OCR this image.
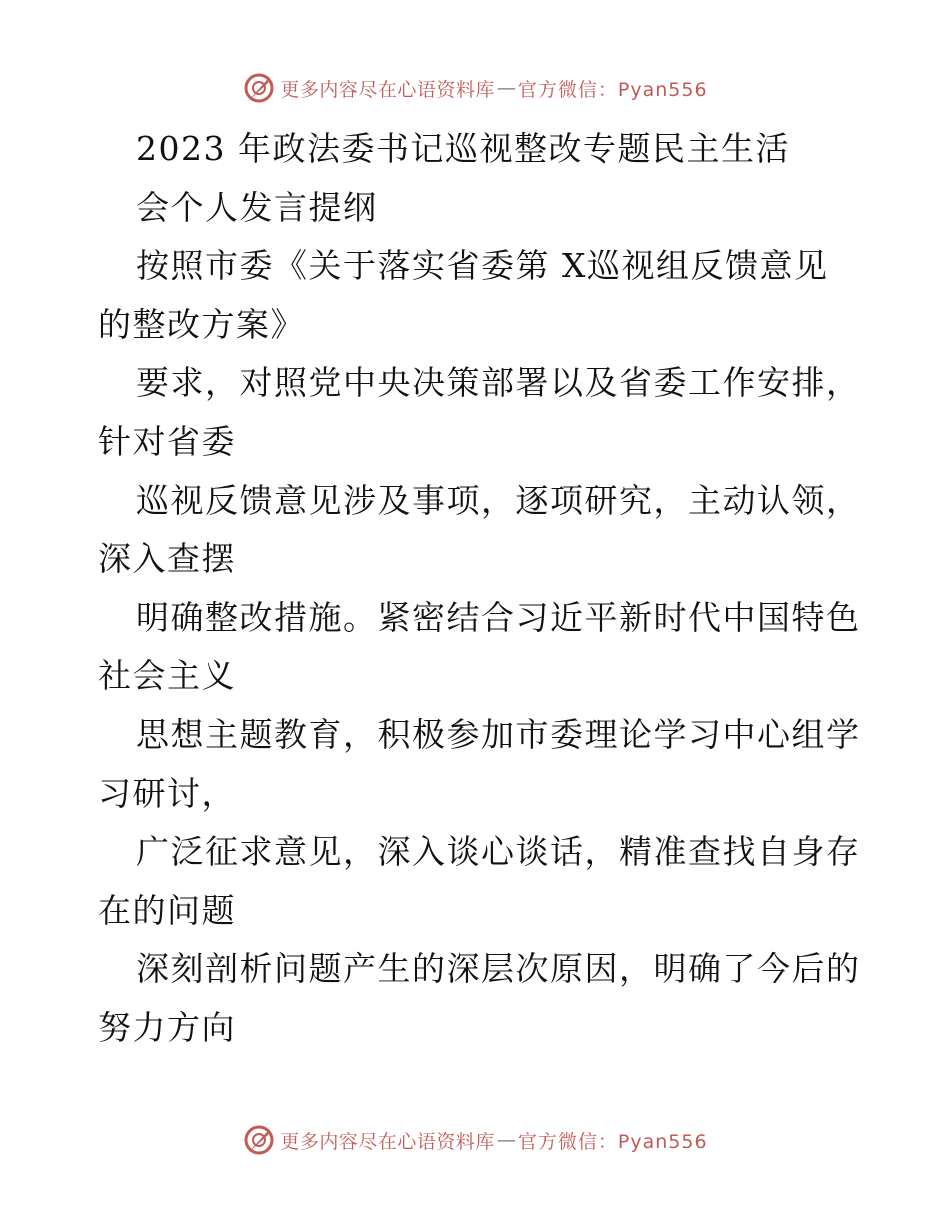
更多内容尽在心语资料库 — 官方微信：Pyan556
2023 年政法委书记巡视整改专题民主生活
会个人发言提纲
按照市委《关于落实省委第 X巡视组反馈意见
的整改方案》
要求，对照党中央决策部署以及省委工作安排，
针对省委
巡视反馈意见涉及事项，逐项研究，主动认领，
深入查摆
明确整改措施。紧密结合习近平新时代中国特色
社会主义
思想主题教育，积极参加市委理论学习中心组学
习研讨，
广泛征求意见，深入谈心谈话，精准查找自身存
在的问题
深刻剖析问题产生的深层次原因，明确了今后的
努力方向
更多内容尽在心语资料库 — 官方微信：Pyan556
